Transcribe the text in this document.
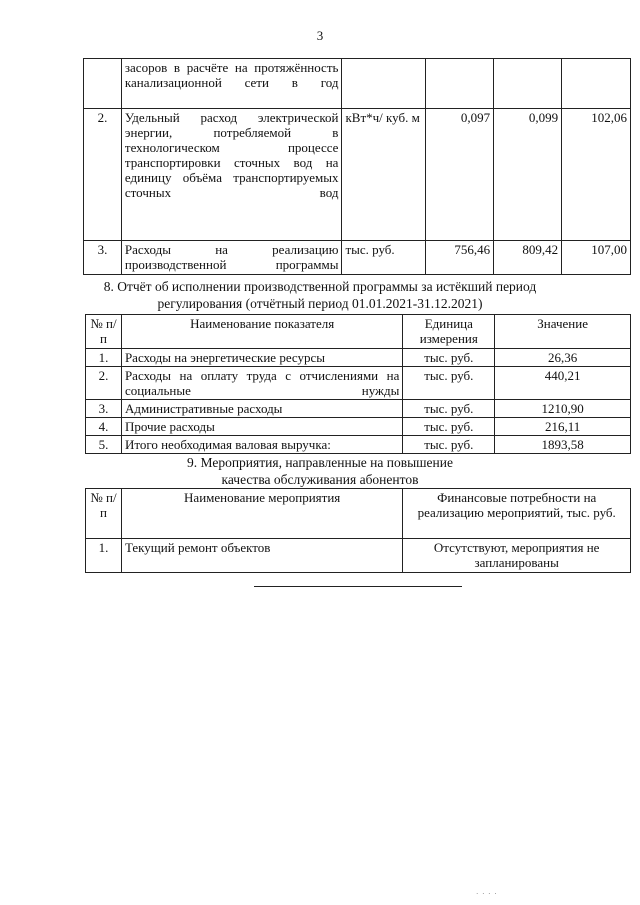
3
	засоров в расчёте на протяжённость канализационной сети в год				
2.	Удельный расход электрической энергии, потребляемой в технологическом процессе транспортировки сточных вод на единицу объёма транспортируемых сточных вод	кВт*ч/ куб. м	0,097	0,099	102,06
3.	Расходы на реализацию производственной программы	тыс. руб.	756,46	809,42	107,00
8. Отчёт об исполнении производственной программы за истёкший период
регулирования (отчётный период 01.01.2021-31.12.2021)
№ п/п	Наименование показателя	Единица измерения	Значение
1.	Расходы на энергетические ресурсы	тыс. руб.	26,36
2.	Расходы на оплату труда с отчислениями на социальные нужды	тыс. руб.	440,21
3.	Административные расходы	тыс. руб.	1210,90
4.	Прочие расходы	тыс. руб.	216,11
5.	Итого необходимая валовая выручка:	тыс. руб.	1893,58
9. Мероприятия, направленные на повышение
качества обслуживания абонентов
№ п/п	Наименование мероприятия	Финансовые потребности на реализацию мероприятий, тыс. руб.
1.	Текущий ремонт объектов	Отсутствуют, мероприятия не запланированы
· · · ·
